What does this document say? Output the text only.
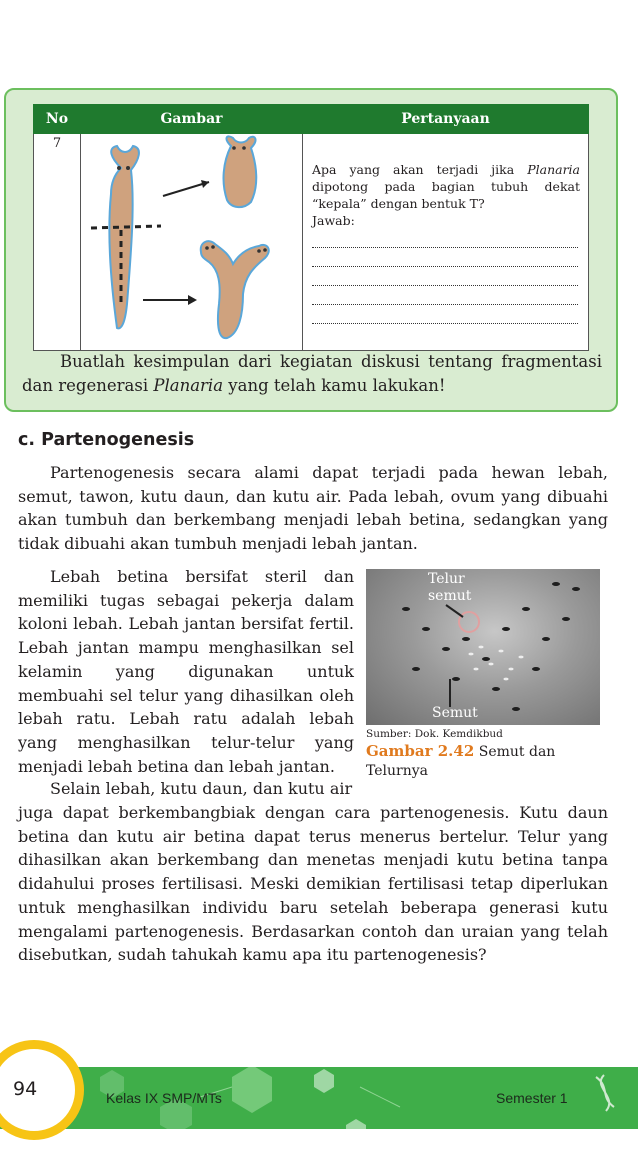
No	Gambar	Pertanyaan
7		Apa yang akan terjadi jika Planaria dipotong pada bagian tubuh dekat “kepala” dengan bentuk T?
Jawab:

Buatlah kesimpulan dari kegiatan diskusi tentang fragmentasi dan regenerasi Planaria yang telah kamu lakukan!

c. Partenogenesis

Partenogenesis secara alami dapat terjadi pada hewan lebah, semut, tawon, kutu daun, dan kutu air. Pada lebah, ovum yang dibuahi akan tumbuh dan berkembang menjadi lebah betina, sedangkan yang tidak dibuahi akan tumbuh menjadi lebah jantan.

Lebah betina bersifat steril dan memiliki tugas sebagai pekerja dalam koloni lebah. Lebah jantan bersifat fertil. Lebah jantan mampu menghasilkan sel kelamin yang digunakan untuk membuahi sel telur yang dihasilkan oleh lebah ratu. Lebah ratu adalah lebah yang menghasilkan telur-telur yang menjadi lebah betina dan lebah jantan.

Selain lebah, kutu daun, dan kutu air

juga dapat berkembangbiak dengan cara partenogenesis. Kutu daun betina dan kutu air betina dapat terus menerus bertelur. Telur yang dihasilkan akan berkembang dan menetas menjadi kutu betina tanpa didahului proses fertilisasi. Meski demikian fertilisasi tetap diperlukan untuk menghasilkan individu baru setelah beberapa generasi kutu mengalami partenogenesis. Berdasarkan contoh dan uraian yang telah disebutkan, sudah tahukah kamu apa itu partenogenesis?

Telur
semut
Semut
Sumber: Dok. Kemdikbud
Gambar 2.42 Semut dan Telurnya
94	Kelas IX SMP/MTs	Semester 1
